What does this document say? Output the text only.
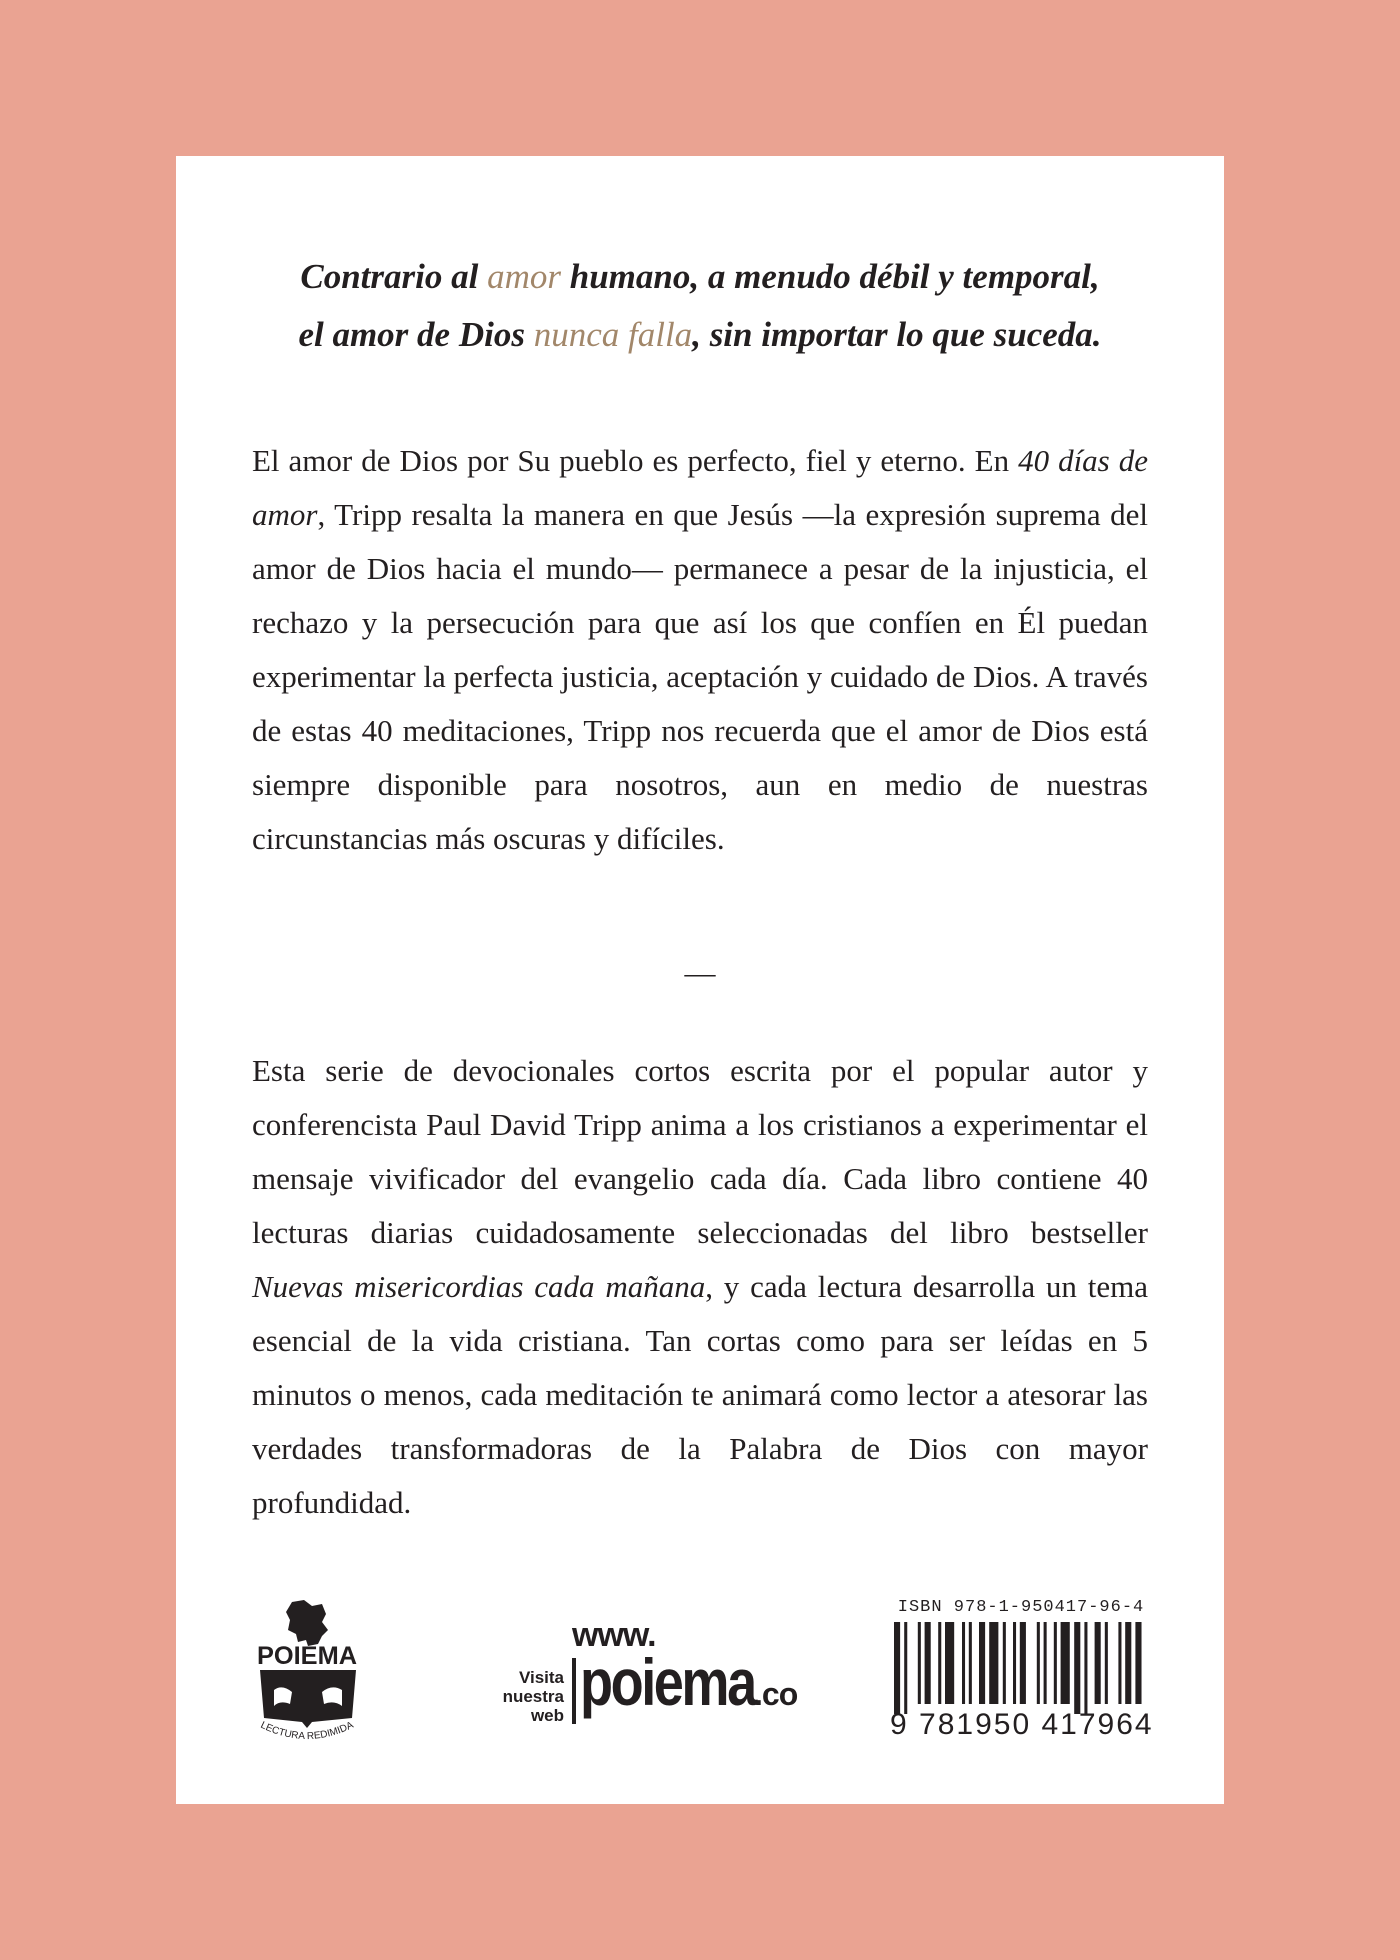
Contrario al amor humano, a menudo débil y temporal,
el amor de Dios nunca falla, sin importar lo que suceda.

El amor de Dios por Su pueblo es perfecto, fiel y eterno. En 40 días de amor, Tripp resalta la manera en que Jesús —la expresión suprema del amor de Dios hacia el mundo— permanece a pesar de la injusticia, el rechazo y la persecución para que así los que confíen en Él puedan experimentar la perfecta justicia, aceptación y cuidado de Dios. A través de estas 40 meditaciones, Tripp nos recuerda que el amor de Dios está siempre disponible para nosotros, aun en medio de nuestras circunstancias más oscuras y difíciles.

—

Esta serie de devocionales cortos escrita por el popular autor y conferencista Paul David Tripp anima a los cristianos a experimentar el mensaje vivificador del evangelio cada día. Cada libro contiene 40 lecturas diarias cuidadosamente seleccionadas del libro bestseller Nuevas misericordias cada mañana, y cada lectura desarrolla un tema esencial de la vida cristiana. Tan cortas como para ser leídas en 5 minutos o menos, cada meditación te animará como lector a atesorar las verdades transformadoras de la Palabra de Dios con mayor profundidad.

POIEMA
LECTURA REDIMIDA
Visita
nuestra web
www.
poiema .co
ISBN 978-1-950417-96-4
9 781950 417964
